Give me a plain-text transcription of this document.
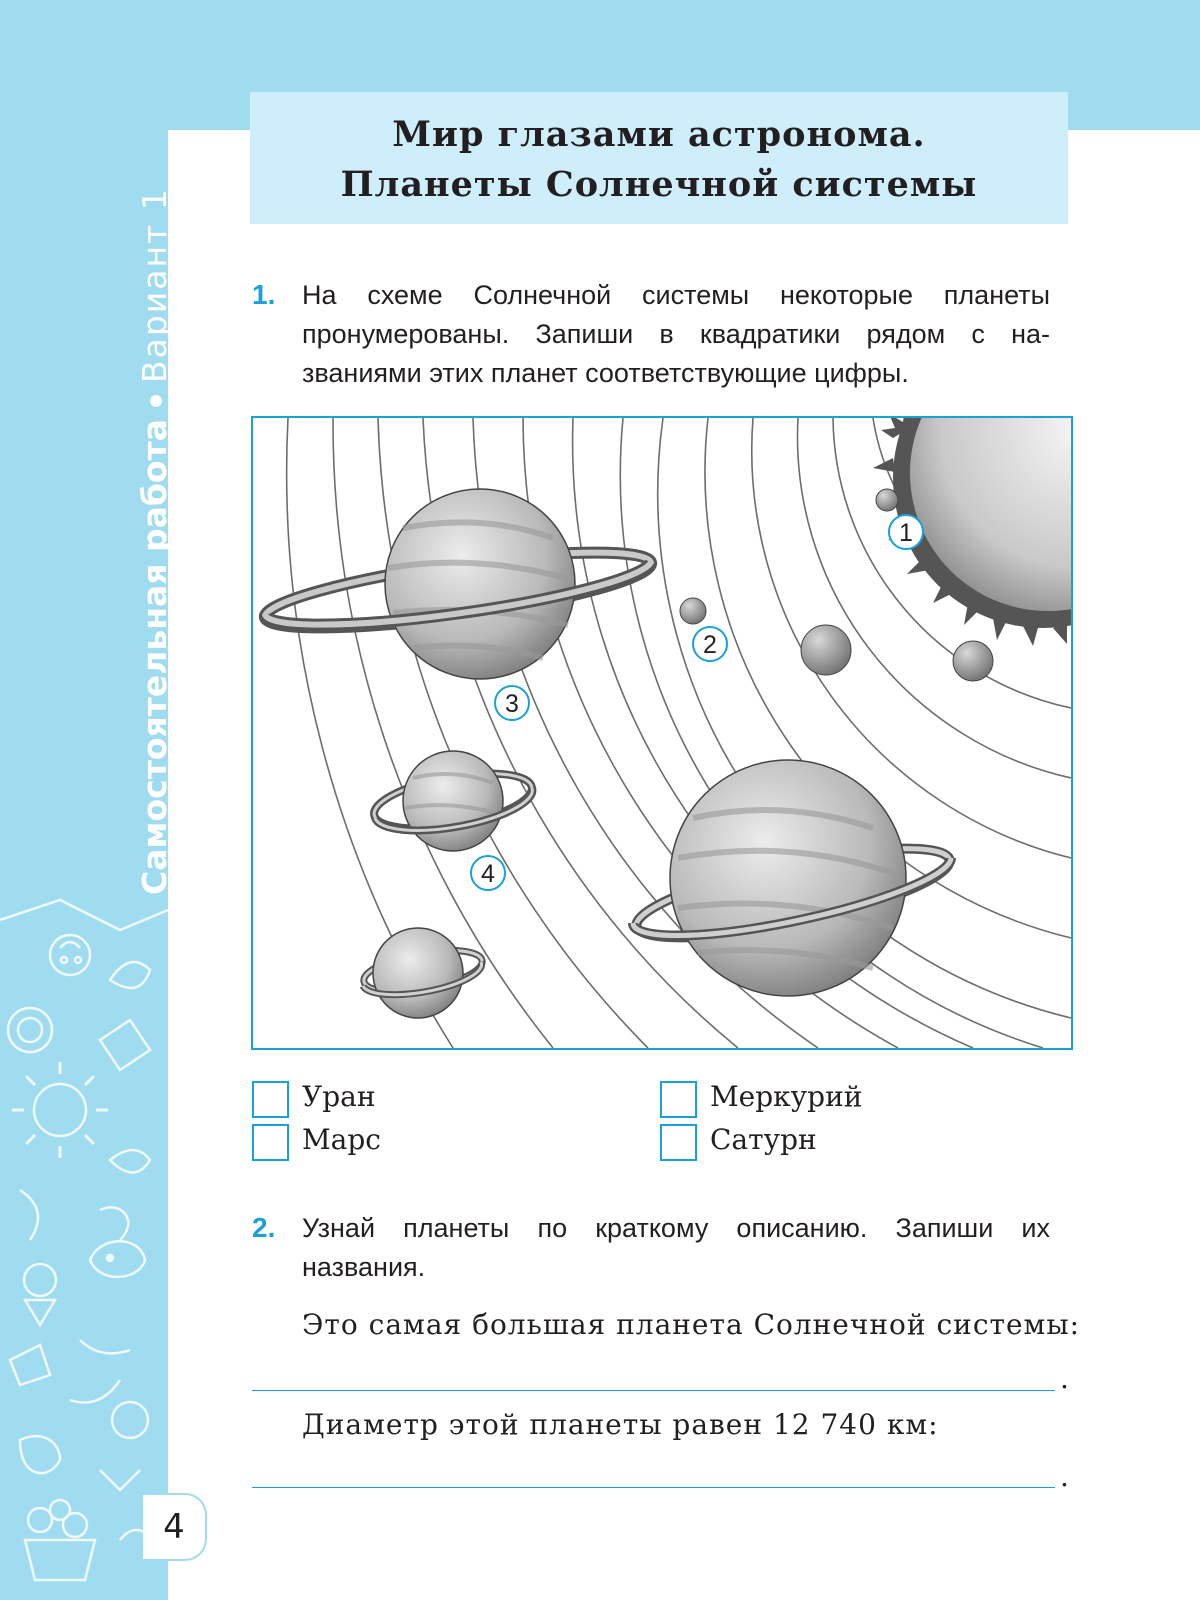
Самостоятельная работаВариант 1
4
Мир глазами астронома.
Планеты Солнечной системы
1. На схеме Солнечной системы некоторые планеты
пронумерованы. Запиши в квадратики рядом с на-
званиями этих планет соответствующие цифры.
1
2
3
4
Уран
Марс
Меркурий
Сатурн
2. Узнай планеты по краткому описанию. Запиши их
названия.
Это самая большая планета Солнечной системы:
.
Диаметр этой планеты равен 12 740 км:
.
